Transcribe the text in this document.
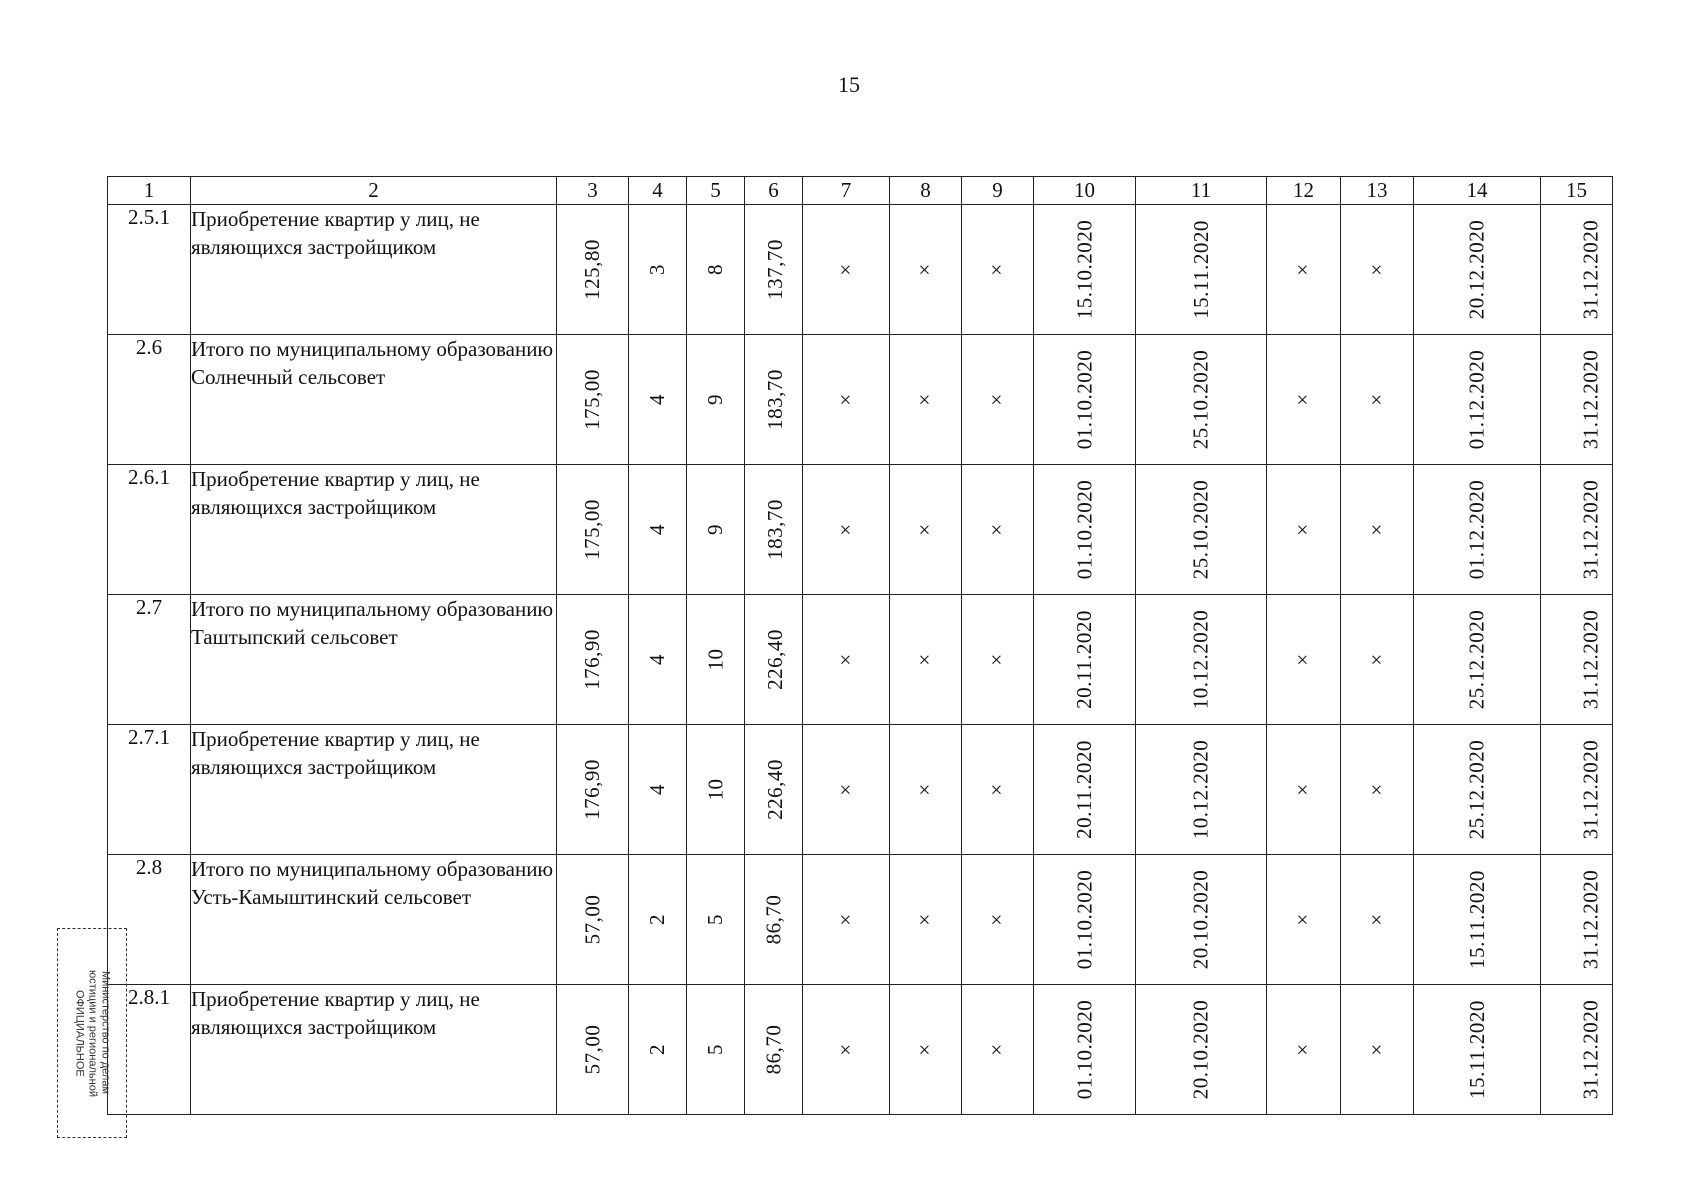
15
1	2	3	4	5	6	7	8	9	10	11	12	13	14	15
2.5.1	Приобретение квартир у лиц, не являющихся застройщиком	125,80	3	8	137,70	×	×	×	15.10.2020	15.11.2020	×	×	20.12.2020	31.12.2020
2.6	Итого по муниципальному образованию Солнечный сельсовет	175,00	4	9	183,70	×	×	×	01.10.2020	25.10.2020	×	×	01.12.2020	31.12.2020
2.6.1	Приобретение квартир у лиц, не являющихся застройщиком	175,00	4	9	183,70	×	×	×	01.10.2020	25.10.2020	×	×	01.12.2020	31.12.2020
2.7	Итого по муниципальному образованию Таштыпский сельсовет	176,90	4	10	226,40	×	×	×	20.11.2020	10.12.2020	×	×	25.12.2020	31.12.2020
2.7.1	Приобретение квартир у лиц, не являющихся застройщиком	176,90	4	10	226,40	×	×	×	20.11.2020	10.12.2020	×	×	25.12.2020	31.12.2020
2.8	Итого по муниципальному образованию Усть-Камыштинский сельсовет	57,00	2	5	86,70	×	×	×	01.10.2020	20.10.2020	×	×	15.11.2020	31.12.2020
2.8.1	Приобретение квартир у лиц, не являющихся застройщиком	57,00	2	5	86,70	×	×	×	01.10.2020	20.10.2020	×	×	15.11.2020	31.12.2020
Министерство по делам
юстиции и региональной
ОФИЦИАЛЬНОЕ
